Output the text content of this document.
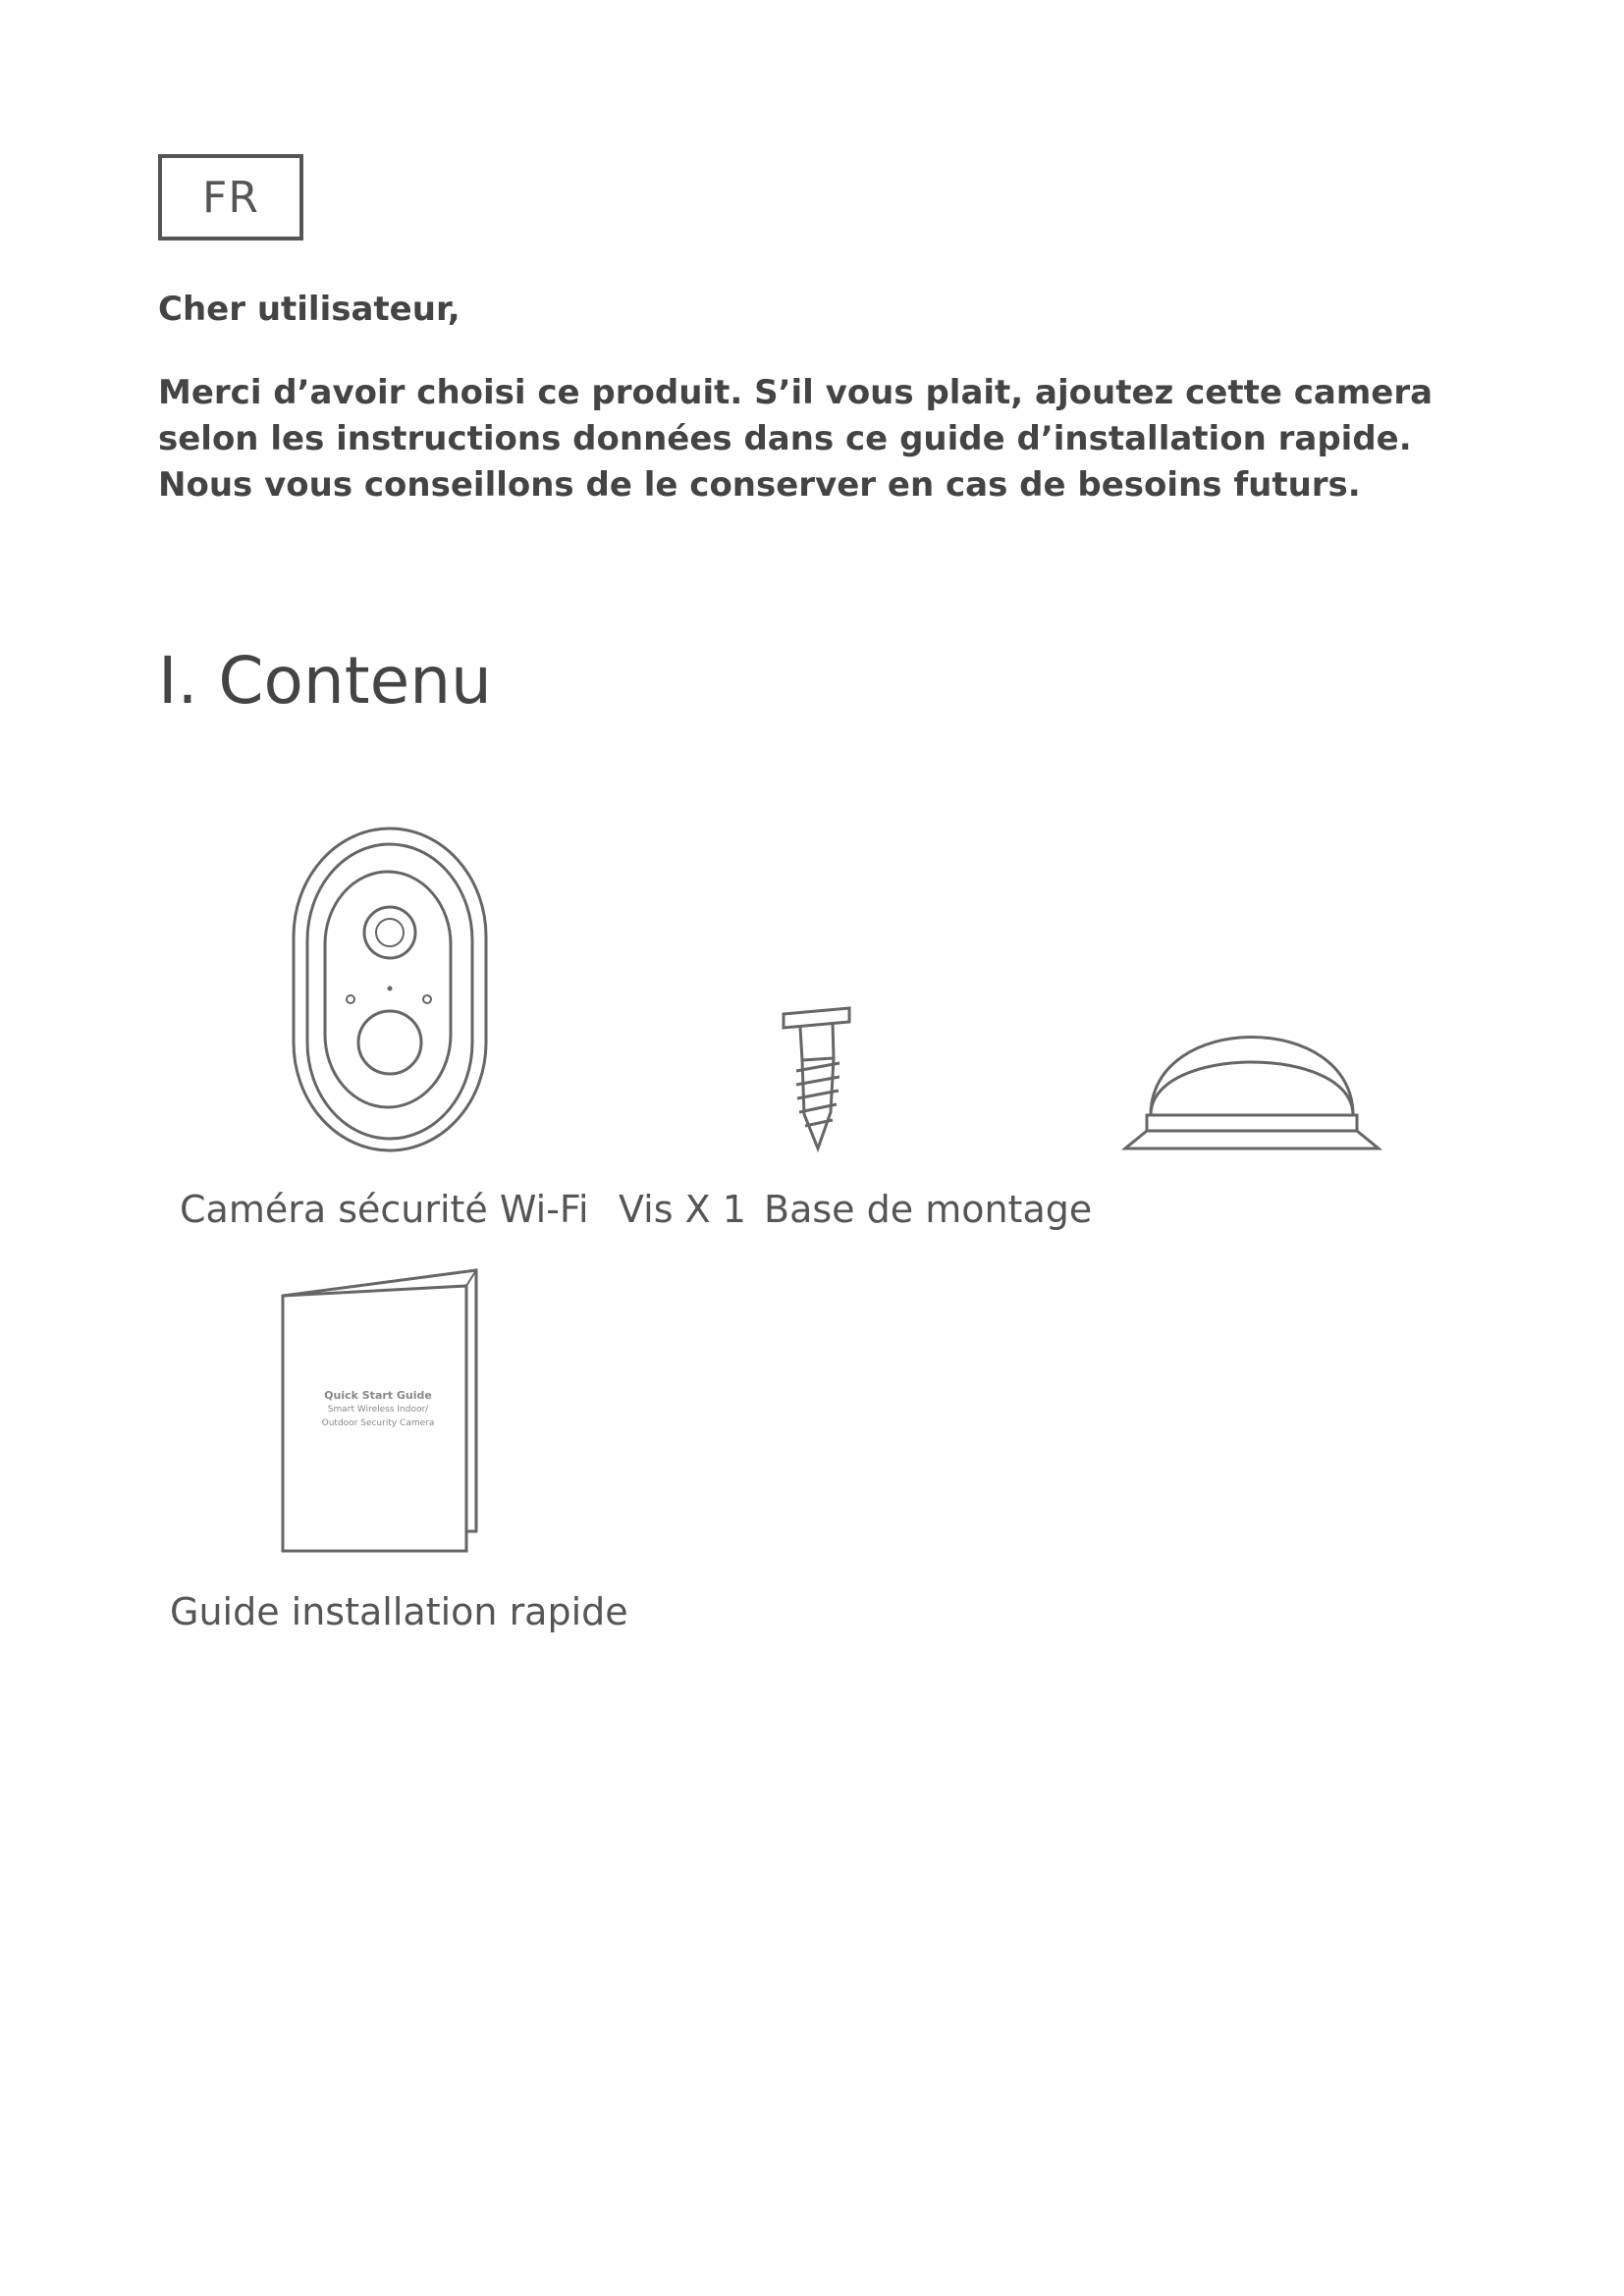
FR
Cher utilisateur,

Merci d’avoir choisi ce produit. S’il vous plait, ajoutez cette camera selon les instructions données dans ce guide d’installation rapide. Nous vous conseillons de le conserver en cas de besoins futurs.

I. Contenu
Caméra sécurité Wi-Fi Vis X 1 Base de montage
Quick Start Guide
Smart Wireless Indoor/
Outdoor Security Camera
Guide installation rapide
